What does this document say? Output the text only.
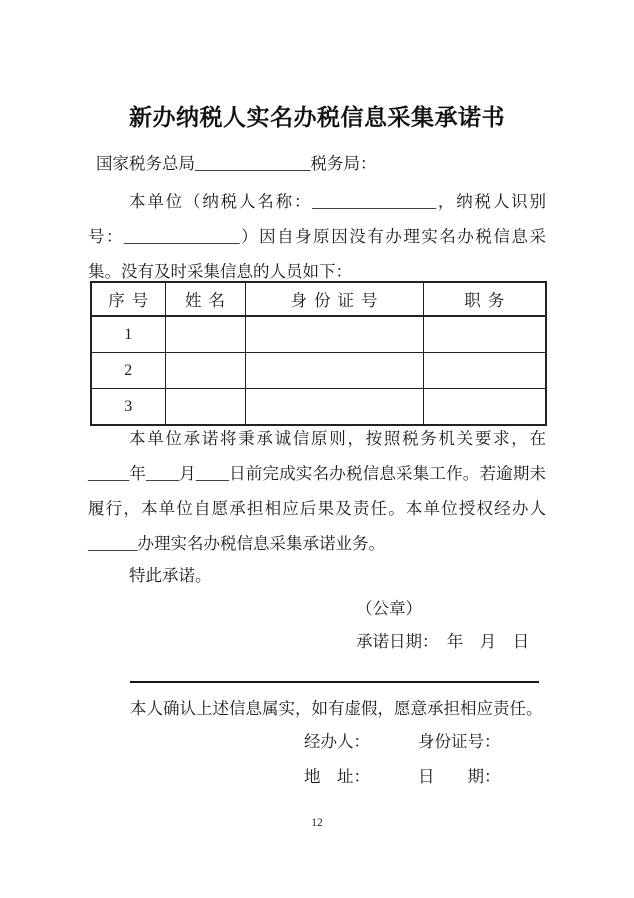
新办纳税人实名办税信息采集承诺书
国家税务总局______________税务局：
本单位（纳税人名称：_______________，纳税人识别
号：______________）因自身原因没有办理实名办税信息采
集。没有及时采集信息的人员如下：
序号	姓名	身份证号	职务
1			
2			
3			
本单位承诺将秉承诚信原则，按照税务机关要求，在
_____年____月____日前完成实名办税信息采集工作。若逾期未
履行，本单位自愿承担相应后果及责任。本单位授权经办人
______办理实名办税信息采集承诺业务。
特此承诺。
（公章）
承诺日期：　年　月　日
本人确认上述信息属实，如有虚假，愿意承担相应责任。
经办人：	身份证号：
地　址：	日　　期：
12
